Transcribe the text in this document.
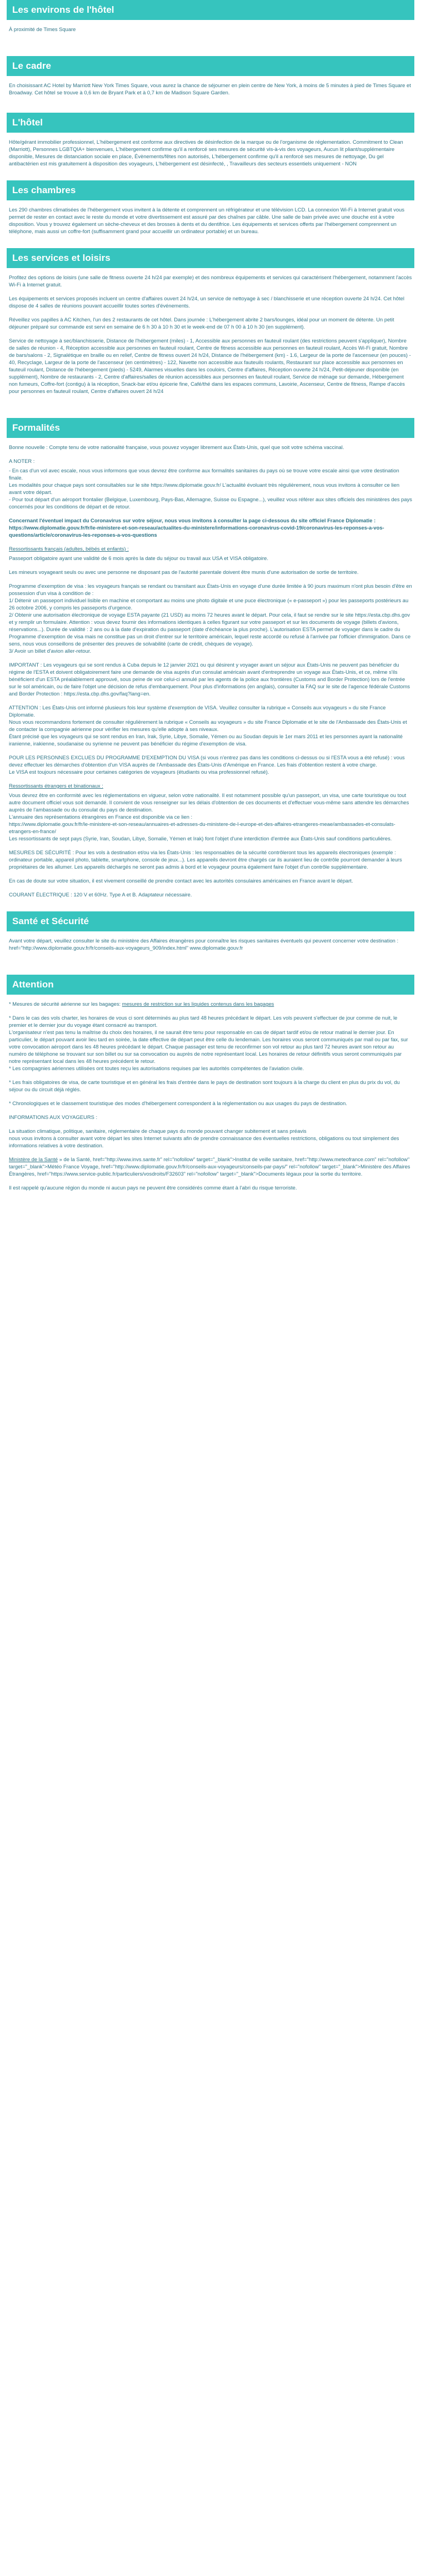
Les environs de l'hôtel

À proximité de Times Square

Le cadre

En choisissant AC Hotel by Marriott New York Times Square, vous aurez la chance de séjourner en plein centre de New York, à moins de 5 minutes à pied de Times Square et Broadway. Cet hôtel se trouve à 0,6 km de Bryant Park et à 0,7 km de Madison Square Garden.

L'hôtel

Hôte/gérant immobilier professionnel, L'hébergement est conforme aux directives de désinfection de la marque ou de l'organisme de réglementation. Commitment to Clean (Marriott), Personnes LGBTQIA+ bienvenues, L'hébergement confirme qu'il a renforcé ses mesures de sécurité vis-à-vis des voyageurs, Aucun lit pliant/supplémentaire disponible, Mesures de distanciation sociale en place, Évènements/fêtes non autorisés, L'hébergement confirme qu'il a renforcé ses mesures de nettoyage, Du gel antibactérien est mis gratuitement à disposition des voyageurs, L'hébergement est désinfecté, , Travailleurs des secteurs essentiels uniquement - NON

Les chambres

Les 290 chambres climatisées de l'hébergement vous invitent à la détente et comprennent un réfrigérateur et une télévision LCD. La connexion Wi-Fi à Internet gratuit vous permet de rester en contact avec le reste du monde et votre divertissement est assuré par des chaînes par câble. Une salle de bain privée avec une douche est à votre disposition. Vous y trouvez également un sèche-cheveux et des brosses à dents et du dentifrice. Les équipements et services offerts par l'hébergement comprennent un téléphone, mais aussi un coffre-fort (suffisamment grand pour accueillir un ordinateur portable) et un bureau.

Les services et loisirs

Profitez des options de loisirs (une salle de fitness ouverte 24 h/24 par exemple) et des nombreux équipements et services qui caractérisent l'hébergement, notamment l'accès Wi-Fi à Internet gratuit.

Les équipements et services proposés incluent un centre d'affaires ouvert 24 h/24, un service de nettoyage à sec / blanchisserie et une réception ouverte 24 h/24. Cet hôtel dispose de 4 salles de réunions pouvant accueillir toutes sortes d'événements.

Réveillez vos papilles à AC Kitchen, l'un des 2 restaurants de cet hôtel. Dans journée : L'hébergement abrite 2 bars/lounges, idéal pour un moment de détente. Un petit déjeuner préparé sur commande est servi en semaine de 6 h 30 à 10 h 30 et le week-end de 07 h 00 à 10 h 30 (en supplément).

Service de nettoyage à sec/blanchisserie, Distance de l'hébergement (miles) - 1, Accessible aux personnes en fauteuil roulant (des restrictions peuvent s'appliquer), Nombre de salles de réunion - 4, Réception accessible aux personnes en fauteuil roulant, Centre de fitness accessible aux personnes en fauteuil roulant, Accès Wi-Fi gratuit, Nombre de bars/salons - 2, Signalétique en braille ou en relief, Centre de fitness ouvert 24 h/24, Distance de l'hébergement (km) - 1.6, Largeur de la porte de l'ascenseur (en pouces) - 40, Recyclage, Largeur de la porte de l'ascenseur (en centimètres) - 122, Navette non accessible aux fauteuils roulants, Restaurant sur place accessible aux personnes en fauteuil roulant, Distance de l'hébergement (pieds) - 5249, Alarmes visuelles dans les couloirs, Centre d'affaires, Réception ouverte 24 h/24, Petit-déjeuner disponible (en supplément), Nombre de restaurants - 2, Centre d'affaires/salles de réunion accessibles aux personnes en fauteuil roulant, Service de ménage sur demande, Hébergement non fumeurs, Coffre-fort (contigu) à la réception, Snack-bar et/ou épicerie fine, Café/thé dans les espaces communs, Lavoirie, Ascenseur, Centre de fitness, Rampe d'accès pour personnes en fauteuil roulant, Centre d'affaires ouvert 24 h/24

Formalités

Bonne nouvelle : Compte tenu de votre nationalité française, vous pouvez voyager librement aux États-Unis, quel que soit votre schéma vaccinal.

A NOTER :

- En cas d'un vol avec escale, nous vous informons que vous devrez être conforme aux formalités sanitaires du pays où se trouve votre escale ainsi que votre destination finale.
Les modalités pour chaque pays sont consultables sur le site https://www.diplomatie.gouv.fr/ L'actualité évoluant très régulièrement, nous vous invitons à consulter ce lien avant votre départ.
- Pour tout départ d'un aéroport frontalier (Belgique, Luxembourg, Pays-Bas, Allemagne, Suisse ou Espagne...), veuillez vous référer aux sites officiels des ministères des pays concernés pour les conditions de départ et de retour.

Concernant l'éventuel impact du Coronavirus sur votre séjour, nous vous invitons à consulter la page ci-dessous du site officiel France Diplomatie :
https://www.diplomatie.gouv.fr/fr/le-ministere-et-son-reseau/actualites-du-ministere/informations-coronavirus-covid-19/coronavirus-les-reponses-a-vos-questions/article/coronavirus-les-reponses-a-vos-questions

Ressortissants français (adultes, bébés et enfants) :

Passeport obligatoire ayant une validité de 6 mois après la date du séjour ou travail aux USA et VISA obligatoire.

Les mineurs voyageant seuls ou avec une personne ne disposant pas de l'autorité parentale doivent être munis d'une autorisation de sortie de territoire.

Programme d'exemption de visa : les voyageurs français se rendant ou transitant aux États-Unis en voyage d'une durée limitée à 90 jours maximum n'ont plus besoin d'être en possession d'un visa à condition de :
1/ Détenir un passeport individuel lisible en machine et comportant au moins une photo digitale et une puce électronique (« e-passeport ») pour les passeports postérieurs au 26 octobre 2006, y compris les passeports d'urgence.
2/ Obtenir une autorisation électronique de voyage ESTA payante (21 USD) au moins 72 heures avant le départ. Pour cela, il faut se rendre sur le site https://esta.cbp.dhs.gov et y remplir un formulaire. Attention : vous devez fournir des informations identiques à celles figurant sur votre passeport et sur les documents de voyage (billets d'avions, réservations...). Durée de validité : 2 ans ou à la date d'expiration du passeport (date d'échéance la plus proche). L'autorisation ESTA permet de voyager dans le cadre du Programme d'exemption de visa mais ne constitue pas un droit d'entrer sur le territoire américain, lequel reste accordé ou refusé à l'arrivée par l'officier d'immigration. Dans ce sens, nous vous conseillons de présenter des preuves de solvabilité (carte de crédit, chèques de voyage).
3/ Avoir un billet d'avion aller-retour.

IMPORTANT : Les voyageurs qui se sont rendus à Cuba depuis le 12 janvier 2021 ou qui désirent y voyager avant un séjour aux États-Unis ne peuvent pas bénéficier du régime de l'ESTA et doivent obligatoirement faire une demande de visa auprès d'un consulat américain avant d'entreprendre un voyage aux États-Unis, et ce, même s'ils bénéficient d'un ESTA préalablement approuvé, sous peine de voir celui-ci annulé par les agents de la police aux frontières (Customs and Border Protection) lors de l'entrée sur le sol américain, ou de faire l'objet une décision de refus d'embarquement. Pour plus d'informations (en anglais), consulter la FAQ sur le site de l'agence fédérale Customs and Border Protection : https://esta.cbp.dhs.gov/faq?lang=en.

ATTENTION : Les États-Unis ont informé plusieurs fois leur système d'exemption de VISA. Veuillez consulter la rubrique « Conseils aux voyageurs » du site France Diplomatie.
Nous vous recommandons fortement de consulter régulièrement la rubrique « Conseils au voyageurs » du site France Diplomatie et le site de l'Ambassade des États-Unis et de contacter la compagnie aérienne pour vérifier les mesures qu'elle adopte à ses niveaux.
Étant précisé que les voyageurs qui se sont rendus en Iran, Irak, Syrie, Libye, Somalie, Yémen ou au Soudan depuis le 1er mars 2011 et les personnes ayant la nationalité iranienne, irakienne, soudanaise ou syrienne ne peuvent pas bénéficier du régime d'exemption de visa.

POUR LES PERSONNES EXCLUES DU PROGRAMME D'EXEMPTION DU VISA (si vous n'entrez pas dans les conditions ci-dessus ou si l'ESTA vous a été refusé) : vous devez effectuer les démarches d'obtention d'un VISA auprès de l'Ambassade des États-Unis d'Amérique en France. Les frais d'obtention restent à votre charge.
Le VISA est toujours nécessaire pour certaines catégories de voyageurs (étudiants ou visa professionnel refusé).

Ressortissants étrangers et binationaux :

Vous devrez être en conformité avec les réglementations en vigueur, selon votre nationalité. Il est notamment possible qu'un passeport, un visa, une carte touristique ou tout autre document officiel vous soit demandé. Il convient de vous renseigner sur les délais d'obtention de ces documents et d'effectuer vous-même sans attendre les démarches auprès de l'ambassade ou du consulat du pays de destination.
L'annuaire des représentations étrangères en France est disponible via ce lien :
https://www.diplomatie.gouv.fr/fr/le-ministere-et-son-reseau/annuaires-et-adresses-du-ministere-de-l-europe-et-des-affaires-etrangeres-meae/ambassades-et-consulats-etrangers-en-france/
Les ressortissants de sept pays (Syrie, Iran, Soudan, Libye, Somalie, Yémen et Irak) font l'objet d'une interdiction d'entrée aux États-Unis sauf conditions particulières.

MESURES DE SÉCURITÉ : Pour les vols à destination et/ou via les États-Unis : les responsables de la sécurité contrôleront tous les appareils électroniques (exemple : ordinateur portable, appareil photo, tablette, smartphone, console de jeux...). Les appareils devront être chargés car ils auraient lieu de contrôle pourront demander à leurs propriétaires de les allumer. Les appareils déchargés ne seront pas admis à bord et le voyageur pourra également faire l'objet d'un contrôle supplémentaire.

En cas de doute sur votre situation, il est vivement conseillé de prendre contact avec les autorités consulaires américaines en France avant le départ.

COURANT ÉLECTRIQUE : 120 V et 60Hz. Type A et B. Adaptateur nécessaire.

Santé et Sécurité

Avant votre départ, veuillez consulter le site du ministère des Affaires étrangères pour connaître les risques sanitaires éventuels qui peuvent concerner votre destination : href="http://www.diplomatie.gouv.fr/fr/conseils-aux-voyageurs_909/index.html" www.diplomatie.gouv.fr

Attention

* Mesures de sécurité aérienne sur les bagages: mesures de restriction sur les liquides contenus dans les bagages

* Dans le cas des vols charter, les horaires de vous ci sont déterminés au plus tard 48 heures précédant le départ. Les vols peuvent s'effectuer de jour comme de nuit, le premier et le dernier jour du voyage étant consacré au transport.
L'organisateur n'est pas tenu la maîtrise du choix des horaires, il ne saurait être tenu pour responsable en cas de départ tardif et/ou de retour matinal le dernier jour. En particulier, le départ pouvant avoir lieu tard en soirée, la date effective de départ peut être celle du lendemain. Les horaires vous seront communiqués par mail ou par fax, sur votre convocation aéroport dans les 48 heures précédant le départ. Chaque passager est tenu de reconfirmer son vol retour au plus tard 72 heures avant son retour au numéro de téléphone se trouvant sur son billet ou sur sa convocation ou auprès de notre représentant local. Les horaires de retour définitifs vous seront communiqués par notre représentant local dans les 48 heures précédent le retour.
* Les compagnies aériennes utilisées ont toutes reçu les autorisations requises par les autorités compétentes de l'aviation civile.

* Les frais obligatoires de visa, de carte touristique et en général les frais d'entrée dans le pays de destination sont toujours à la charge du client en plus du prix du vol, du séjour ou du circuit déjà réglés.

* Chronologiques et le classement touristique des modes d'hébergement correspondent à la réglementation ou aux usages du pays de destination.

INFORMATIONS AUX VOYAGEURS :

La situation climatique, politique, sanitaire, réglementaire de chaque pays du monde pouvant changer subitement et sans préavis
nous vous invitons à consulter avant votre départ les sites Internet suivants afin de prendre connaissance des éventuelles restrictions, obligations ou tout simplement des informations relatives à votre destination.

Ministère de la Santé » de la Santé, href="http://www.invs.sante.fr" rel="nofollow" target="_blank">Institut de veille sanitaire, href="http://www.meteofrance.com" rel="nofollow" target="_blank">Météo France Voyage, href="http://www.diplomatie.gouv.fr/fr/conseils-aux-voyageurs/conseils-par-pays/" rel="nofollow" target="_blank">Ministère des Affaires Étrangères, href="https://www.service-public.fr/particuliers/vosdroits/F32603" rel="nofollow" target="_blank">Documents légaux pour la sortie du territoire.

Il est rappelé qu'aucune région du monde ni aucun pays ne peuvent être considérés comme étant à l'abri du risque terroriste.
